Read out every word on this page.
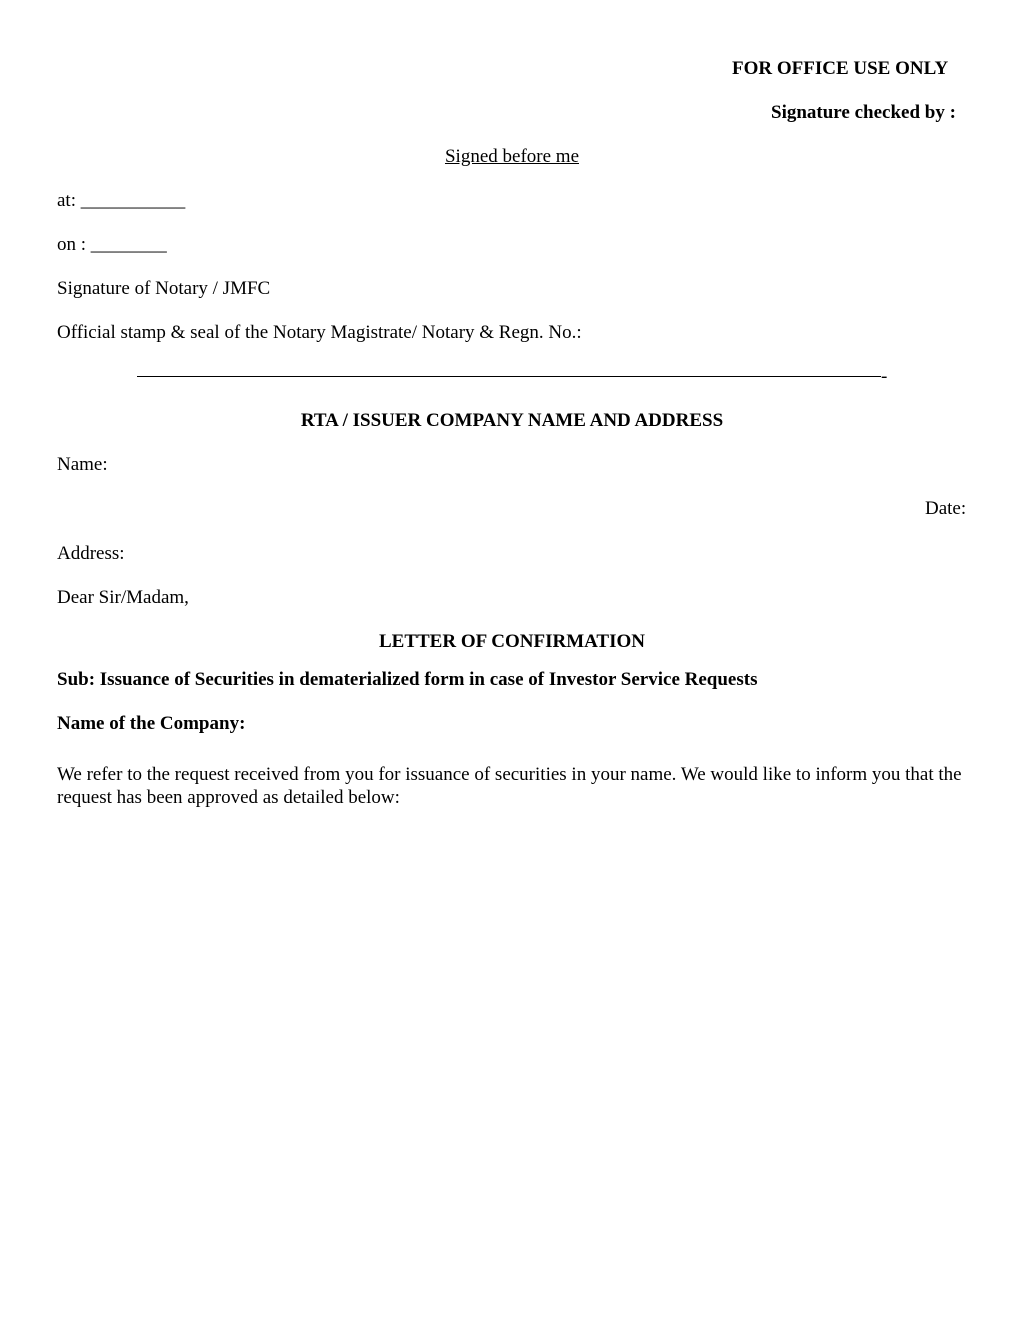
FOR OFFICE USE ONLY
Signature checked by :
Signed before me
at: ___________
on : ________
Signature of Notary / JMFC
Official stamp & seal of the Notary Magistrate/ Notary & Regn. No.:
-
RTA / ISSUER COMPANY NAME AND ADDRESS
Name:
Date:
Address:
Dear Sir/Madam,
LETTER OF CONFIRMATION
Sub: Issuance of Securities in dematerialized form in case of Investor Service Requests
Name of the Company:
We refer to the request received from you for issuance of securities in your name. We would like to inform you that the request has been approved as detailed below:
